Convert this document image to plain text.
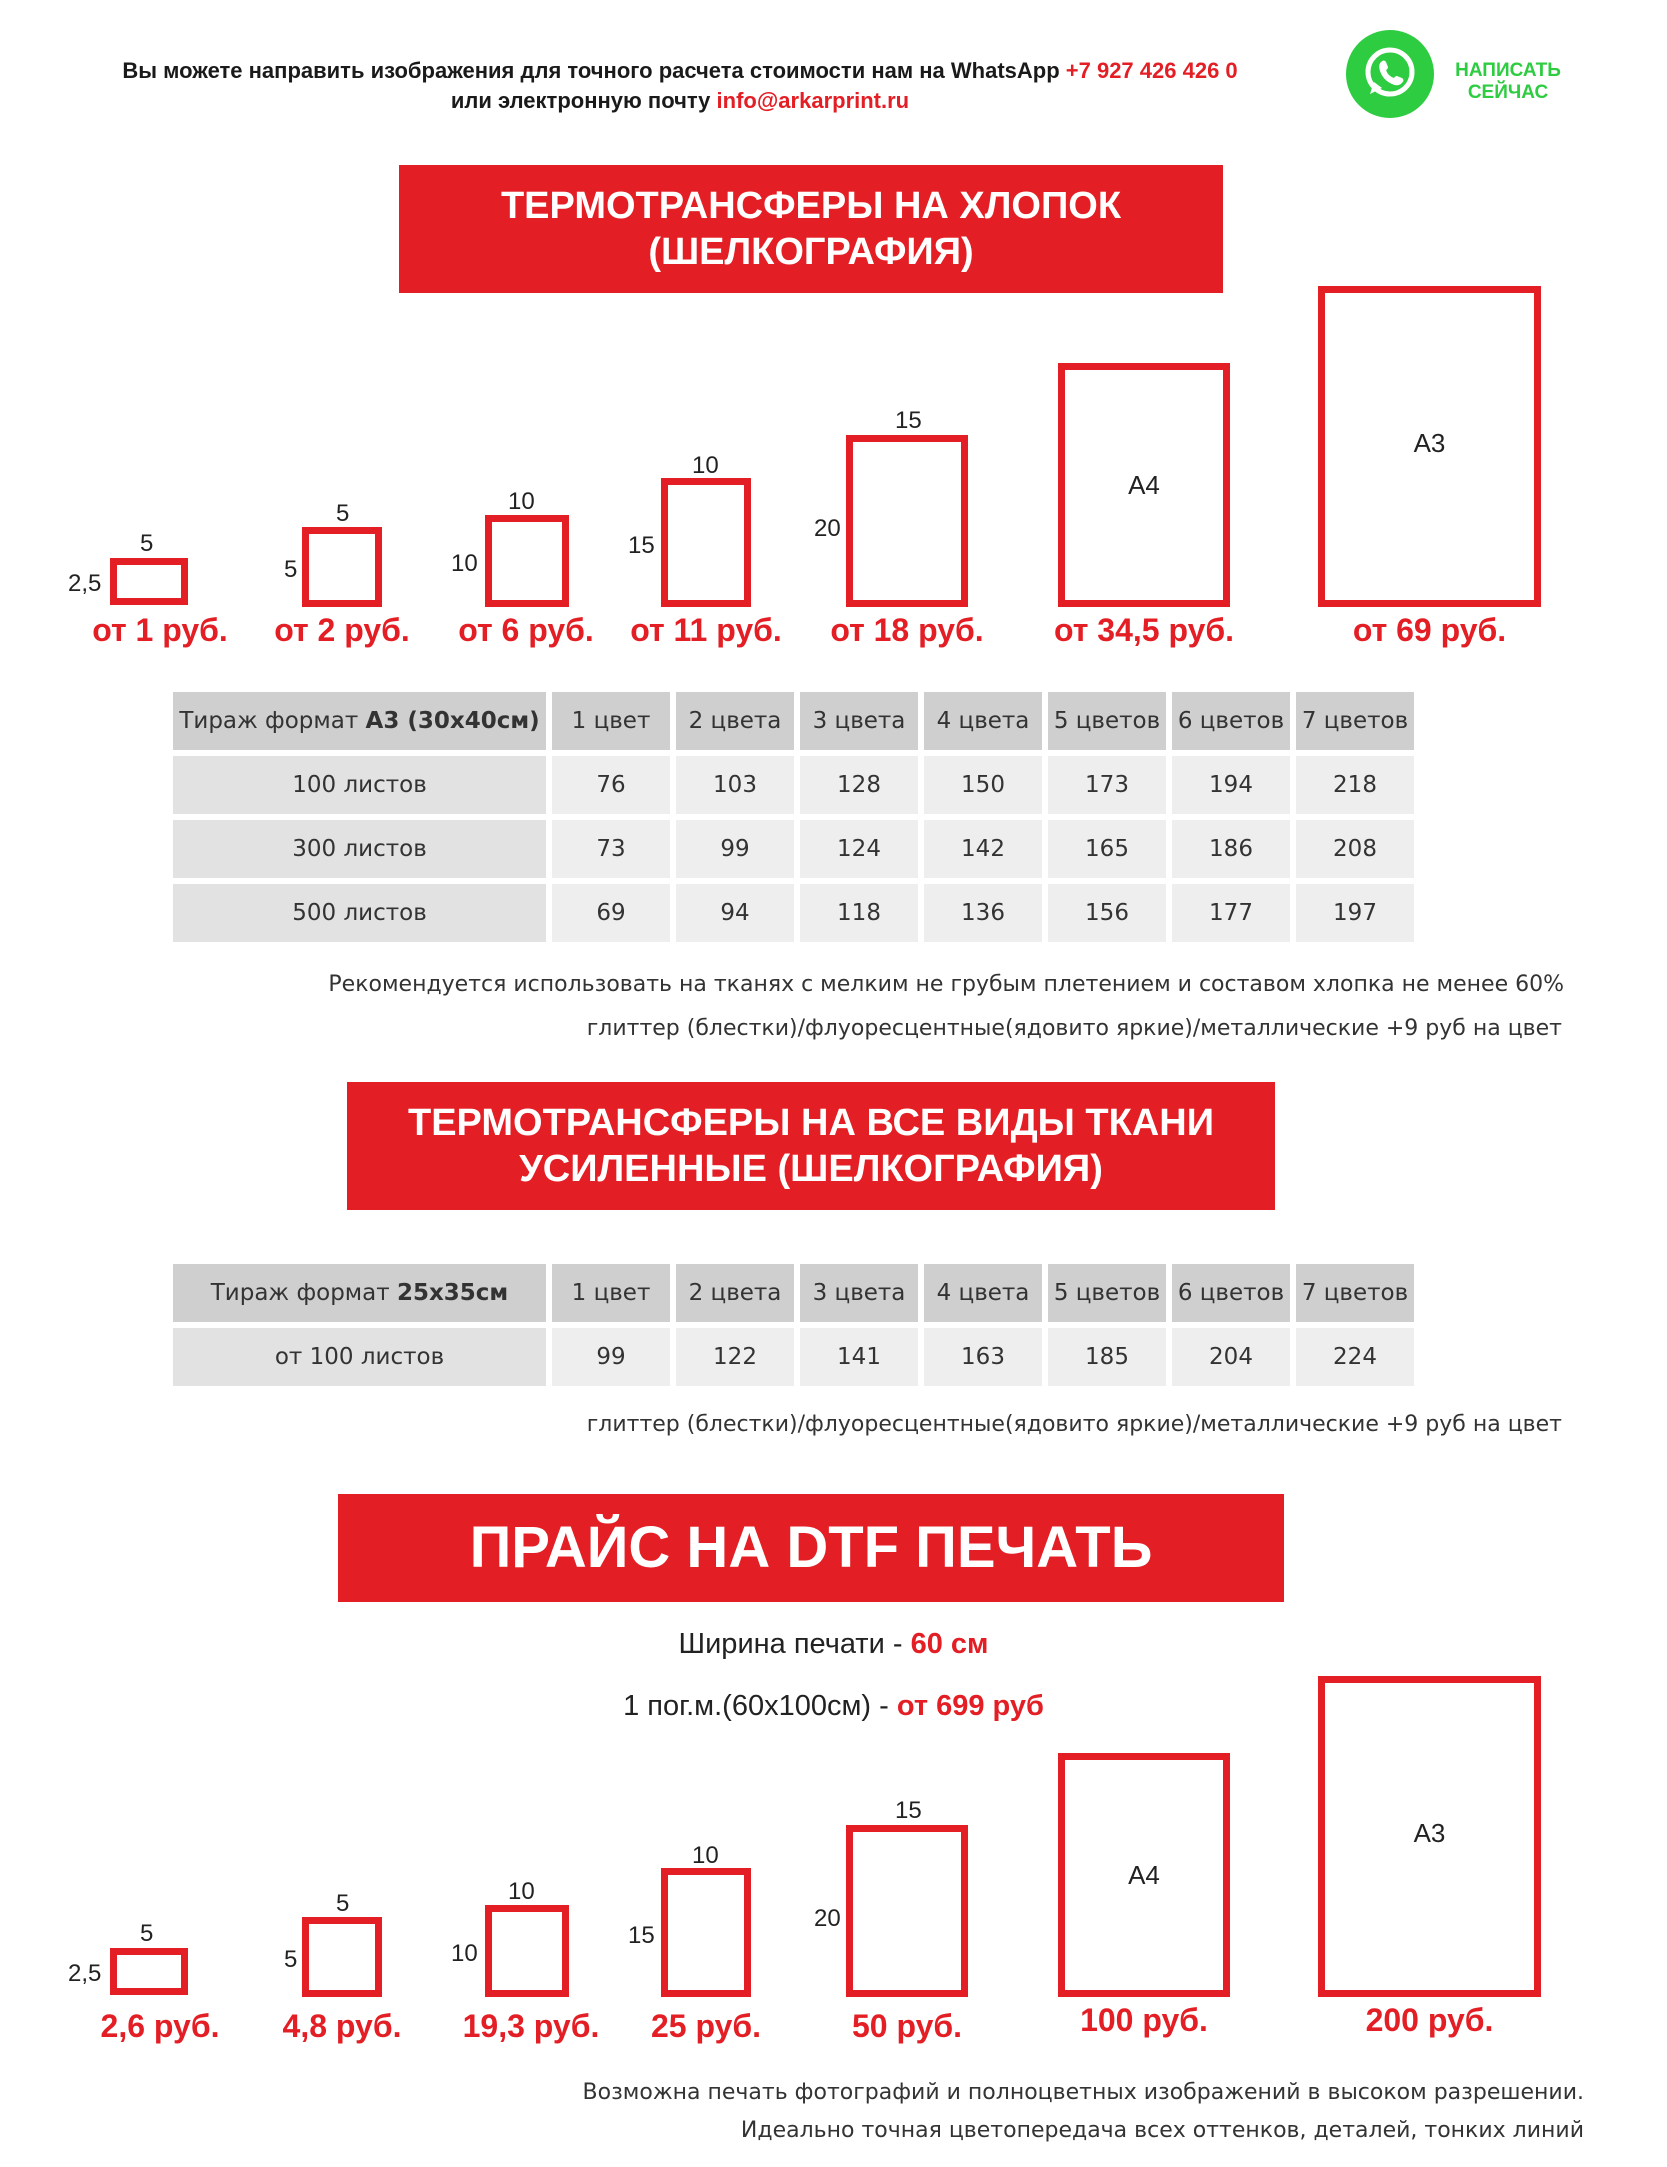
Вы можете направить изображения для точного расчета стоимости нам на WhatsApp +7 927 426 426 0
или электронную почту info@arkarprint.ru
НАПИСАТЬ
СЕЙЧАС
ТЕРМОТРАНСФЕРЫ НА ХЛОПОК
(ШЕЛКОГРАФИЯ)
5
2,5
от 1 руб.
5
5
от 2 руб.
10
10
от 6 руб.
10
15
от 11 руб.
15
20
от 18 руб.
А4
от 34,5 руб.
А3
от 69 руб.
Тираж формат А3 (30х40см)	1 цвет	2 цвета	3 цвета	4 цвета	5 цветов	6 цветов	7 цветов
100 листов	76	103	128	150	173	194	218
300 листов	73	99	124	142	165	186	208
500 листов	69	94	118	136	156	177	197
Рекомендуется использовать на тканях с мелким не грубым плетением и составом хлопка не менее 60%
глиттер (блестки)/флуоресцентные(ядовито яркие)/металлические +9 руб на цвет
ТЕРМОТРАНСФЕРЫ НА ВСЕ ВИДЫ ТКАНИ
УСИЛЕННЫЕ (ШЕЛКОГРАФИЯ)
Тираж формат 25х35см	1 цвет	2 цвета	3 цвета	4 цвета	5 цветов	6 цветов	7 цветов
от 100 листов	99	122	141	163	185	204	224
глиттер (блестки)/флуоресцентные(ядовито яркие)/металлические +9 руб на цвет
ПРАЙС НА DTF ПЕЧАТЬ
Ширина печати - 60 см
1 пог.м.(60х100см) - от 699 руб
5
2,5
2,6 руб.
5
5
4,8 руб.
10
10
19,3 руб.
10
15
25 руб.
15
20
50 руб.
А4
100 руб.
А3
200 руб.
Возможна печать фотографий и полноцветных изображений в высоком разрешении.
Идеально точная цветопередача всех оттенков, деталей, тонких линий
